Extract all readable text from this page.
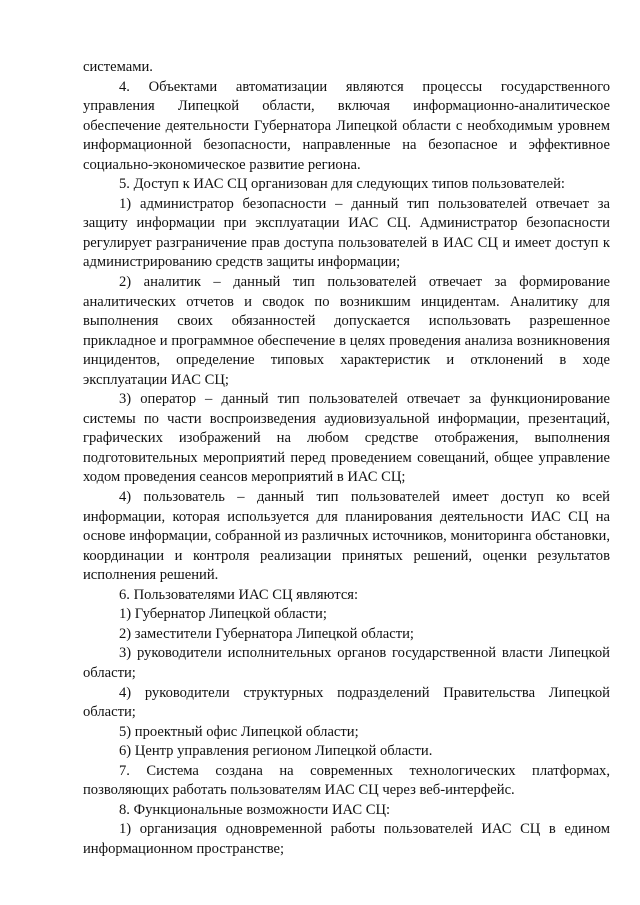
системами.

4. Объектами автоматизации являются процессы государственного управления Липецкой области, включая информационно-аналитическое обеспечение деятельности Губернатора Липецкой области с необходимым уровнем информационной безопасности, направленные на безопасное и эффективное социально-экономическое развитие региона.

5. Доступ к ИАС СЦ организован для следующих типов пользователей:

1) администратор безопасности – данный тип пользователей отвечает за защиту информации при эксплуатации ИАС СЦ. Администратор безопасности регулирует разграничение прав доступа пользователей в ИАС СЦ и имеет доступ к администрированию средств защиты информации;

2) аналитик – данный тип пользователей отвечает за формирование аналитических отчетов и сводок по возникшим инцидентам. Аналитику для выполнения своих обязанностей допускается использовать разрешенное прикладное и программное обеспечение в целях проведения анализа возникновения инцидентов, определение типовых характеристик и отклонений в ходе эксплуатации ИАС СЦ;

3) оператор – данный тип пользователей отвечает за функционирование системы по части воспроизведения аудиовизуальной информации, презентаций, графических изображений на любом средстве отображения, выполнения подготовительных мероприятий перед проведением совещаний, общее управление ходом проведения сеансов мероприятий в ИАС СЦ;

4) пользователь – данный тип пользователей имеет доступ ко всей информации, которая используется для планирования деятельности ИАС СЦ на основе информации, собранной из различных источников, мониторинга обстановки, координации и контроля реализации принятых решений, оценки результатов исполнения решений.

6. Пользователями ИАС СЦ являются:

1) Губернатор Липецкой области;

2) заместители Губернатора Липецкой области;

3) руководители исполнительных органов государственной власти Липецкой области;

4) руководители структурных подразделений Правительства Липецкой области;

5) проектный офис Липецкой области;

6) Центр управления регионом Липецкой области.

7. Система создана на современных технологических платформах, позволяющих работать пользователям ИАС СЦ через веб-интерфейс.

8. Функциональные возможности ИАС СЦ:

1) организация одновременной работы пользователей ИАС СЦ в едином информационном пространстве;
